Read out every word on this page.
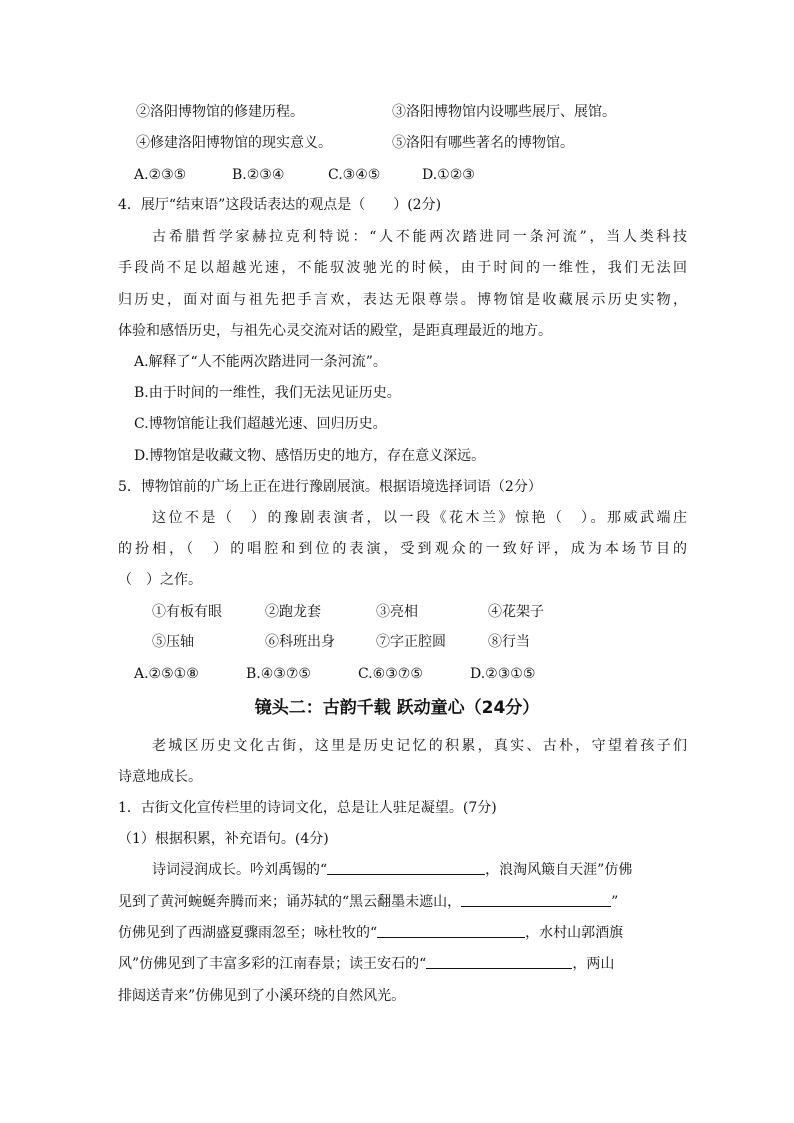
②洛阳博物馆的修建历程。	③洛阳博物馆内设哪些展厅、展馆。
④修建洛阳博物馆的现实意义。	⑤洛阳有哪些著名的博物馆。
A.②③⑤	B.②③④	C.③④⑤	D.①②③
4．展厅“结束语”这段话表达的观点是（　　）(2分)
古希腊哲学家赫拉克利特说：“人不能两次踏进同一条河流”，当人类科技
手段尚不足以超越光速，不能驭波驰光的时候，由于时间的一维性，我们无法回
归历史，面对面与祖先把手言欢，表达无限尊崇。博物馆是收藏展示历史实物，
体验和感悟历史，与祖先心灵交流对话的殿堂，是距真理最近的地方。
A.解释了“人不能两次踏进同一条河流”。
B.由于时间的一维性，我们无法见证历史。
C.博物馆能让我们超越光速、回归历史。
D.博物馆是收藏文物、感悟历史的地方，存在意义深远。
5．博物馆前的广场上正在进行豫剧展演。根据语境选择词语（2分）
这位不是（　）的豫剧表演者，以一段《花木兰》惊艳（　）。那威武端庄
的扮相，（　）的唱腔和到位的表演，受到观众的一致好评，成为本场节目的
（　）之作。
①有板有眼	②跑龙套	③亮相	④花架子
⑤压轴	⑥科班出身	⑦字正腔圆	⑧行当
A.②⑤①⑧	B.④③⑦⑤	C.⑥③⑦⑤	D.②③①⑤
镜头二：古韵千载 跃动童心（24分）
老城区历史文化古街，这里是历史记忆的积累，真实、古朴，守望着孩子们
诗意地成长。
1．古街文化宣传栏里的诗词文化，总是让人驻足凝望。(7分)
（1）根据积累，补充语句。(4分)
诗词浸润成长。吟刘禹锡的“	，浪淘风簸自天涯”仿佛
见到了黄河蜿蜒奔腾而来；诵苏轼的“黑云翻墨未遮山，	”
仿佛见到了西湖盛夏骤雨忽至；咏杜牧的“	，水村山郭酒旗
风”仿佛见到了丰富多彩的江南春景；读王安石的“	，两山
排闼送青来”仿佛见到了小溪环绕的自然风光。
